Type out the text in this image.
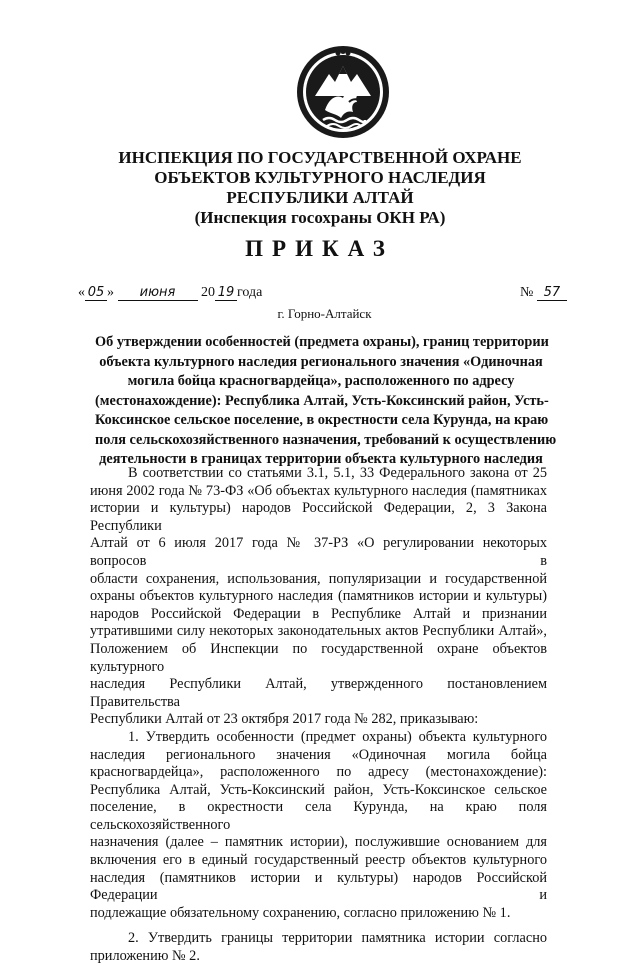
ИНСПЕКЦИЯ ПО ГОСУДАРСТВЕННОЙ ОХРАНЕ
ОБЪЕКТОВ КУЛЬТУРНОГО НАСЛЕДИЯ
РЕСПУБЛИКИ АЛТАЙ
(Инспекция госохраны ОКН РА)
ПРИКАЗ
« 05 » июня 20 19 года	№ 57
г. Горно-Алтайск
Об утверждении особенностей (предмета охраны), границ территории
объекта культурного наследия регионального значения «Одиночная
могила бойца красногвардейца», расположенного по адресу
(местонахождение): Республика Алтай, Усть-Коксинский район, Усть-
Коксинское сельское поселение, в окрестности села Курунда, на краю
поля сельскохозяйственного назначения, требований к осуществлению
деятельности в границах территории объекта культурного наследия
В соответствии со статьями 3.1, 5.1, 33 Федерального закона от 25
июня 2002 года № 73-ФЗ «Об объектах культурного наследия (памятниках
истории и культуры) народов Российской Федерации, 2, 3 Закона Республики
Алтай от 6 июля 2017 года № 37-РЗ «О регулировании некоторых вопросов в
области сохранения, использования, популяризации и государственной
охраны объектов культурного наследия (памятников истории и культуры)
народов Российской Федерации в Республике Алтай и признании
утратившими силу некоторых законодательных актов Республики Алтай»,
Положением об Инспекции по государственной охране объектов культурного
наследия Республики Алтай, утвержденного постановлением Правительства
Республики Алтай от 23 октября 2017 года № 282, приказываю:
1. Утвердить особенности (предмет охраны) объекта культурного
наследия регионального значения «Одиночная могила бойца
красногвардейца», расположенного по адресу (местонахождение):
Республика Алтай, Усть-Коксинский район, Усть-Коксинское сельское
поселение, в окрестности села Курунда, на краю поля сельскохозяйственного
назначения (далее – памятник истории), послужившие основанием для
включения его в единый государственный реестр объектов культурного
наследия (памятников истории и культуры) народов Российской Федерации и
подлежащие обязательному сохранению, согласно приложению № 1.
2. Утвердить границы территории памятника истории согласно
приложению № 2.
